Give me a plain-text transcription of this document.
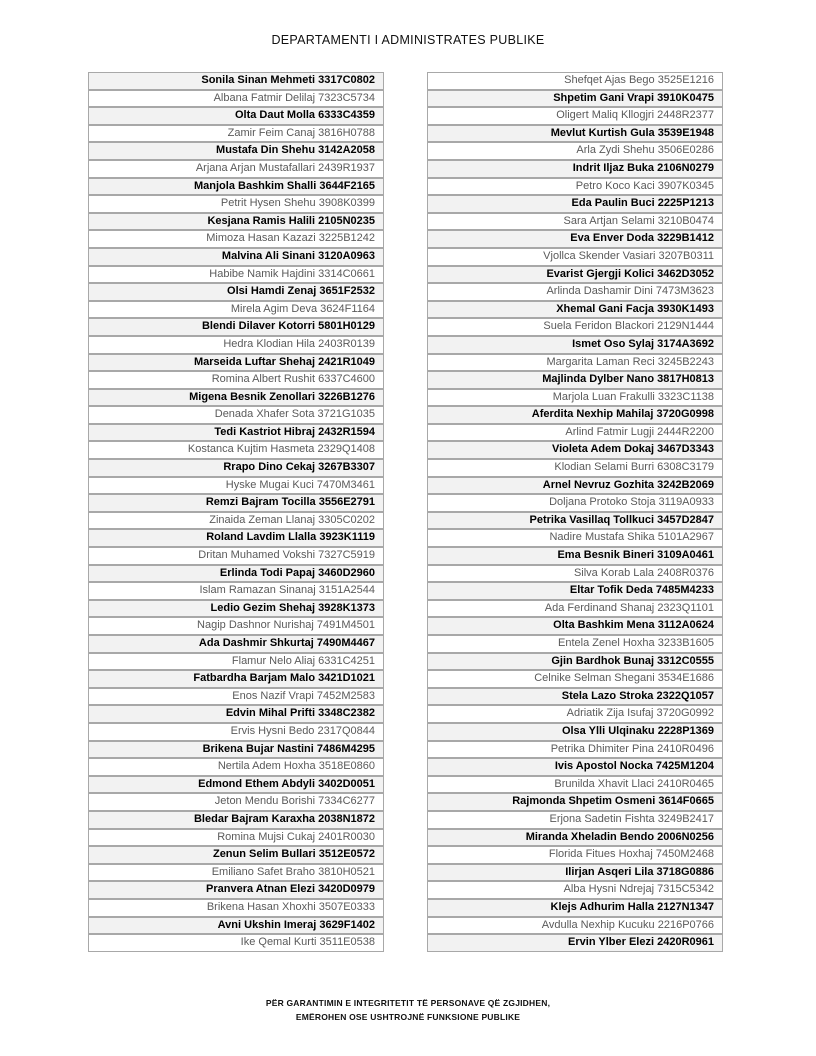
DEPARTAMENTI I ADMINISTRATES PUBLIKE
Sonila Sinan Mehmeti 3317C0802
Albana Fatmir Delilaj 7323C5734
Olta Daut Molla 6333C4359
Zamir Feim Canaj 3816H0788
Mustafa Din Shehu 3142A2058
Arjana Arjan Mustafallari 2439R1937
Manjola Bashkim Shalli 3644F2165
Petrit Hysen Shehu 3908K0399
Kesjana Ramis Halili 2105N0235
Mimoza Hasan Kazazi 3225B1242
Malvina Ali Sinani 3120A0963
Habibe Namik Hajdini 3314C0661
Olsi Hamdi Zenaj 3651F2532
Mirela Agim Deva 3624F1164
Blendi Dilaver Kotorri 5801H0129
Hedra Klodian Hila 2403R0139
Marseida Luftar Shehaj 2421R1049
Romina Albert Rushit 6337C4600
Migena Besnik Zenollari 3226B1276
Denada Xhafer Sota 3721G1035
Tedi Kastriot Hibraj 2432R1594
Kostanca Kujtim Hasmeta 2329Q1408
Rrapo Dino Cekaj 3267B3307
Hyske Mugai Kuci 7470M3461
Remzi Bajram Tocilla 3556E2791
Zinaida Zeman Llanaj 3305C0202
Roland Lavdim Llalla 3923K1119
Dritan Muhamed Vokshi 7327C5919
Erlinda Todi Papaj 3460D2960
Islam Ramazan Sinanaj 3151A2544
Ledio Gezim Shehaj 3928K1373
Nagip Dashnor Nurishaj 7491M4501
Ada Dashmir Shkurtaj 7490M4467
Flamur Nelo Aliaj 6331C4251
Fatbardha Barjam Malo 3421D1021
Enos Nazif Vrapi 7452M2583
Edvin Mihal Prifti 3348C2382
Ervis Hysni Bedo 2317Q0844
Brikena Bujar Nastini 7486M4295
Nertila Adem Hoxha 3518E0860
Edmond Ethem Abdyli 3402D0051
Jeton Mendu Borishi 7334C6277
Bledar Bajram Karaxha 2038N1872
Romina Mujsi Cukaj 2401R0030
Zenun Selim Bullari 3512E0572
Emiliano Safet Braho 3810H0521
Pranvera Atnan Elezi 3420D0979
Brikena Hasan Xhoxhi 3507E0333
Avni Ukshin Imeraj 3629F1402
Ike Qemal Kurti 3511E0538
Shefqet Ajas Bego 3525E1216
Shpetim Gani Vrapi 3910K0475
Oligert Maliq Kllogjri 2448R2377
Mevlut Kurtish Gula 3539E1948
Arla Zydi Shehu 3506E0286
Indrit Iljaz Buka 2106N0279
Petro Koco Kaci 3907K0345
Eda Paulin Buci 2225P1213
Sara Artjan Selami 3210B0474
Eva Enver Doda 3229B1412
Vjollca Skender Vasiari 3207B0311
Evarist Gjergji Kolici 3462D3052
Arlinda Dashamir Dini 7473M3623
Xhemal Gani Facja 3930K1493
Suela Feridon Blackori 2129N1444
Ismet Oso Sylaj 3174A3692
Margarita Laman Reci 3245B2243
Majlinda Dylber Nano 3817H0813
Marjola Luan Frakulli 3323C1138
Aferdita Nexhip Mahilaj 3720G0998
Arlind Fatmir Lugji 2444R2200
Violeta Adem Dokaj 3467D3343
Klodian Selami Burri 6308C3179
Arnel Nevruz Gozhita 3242B2069
Doljana Protoko Stoja 3119A0933
Petrika Vasillaq Tollkuci 3457D2847
Nadire Mustafa Shika 5101A2967
Ema Besnik Bineri 3109A0461
Silva Korab Lala 2408R0376
Eltar Tofik Deda 7485M4233
Ada Ferdinand Shanaj 2323Q1101
Olta Bashkim Mena 3112A0624
Entela Zenel Hoxha 3233B1605
Gjin Bardhok Bunaj 3312C0555
Celnike Selman Shegani 3534E1686
Stela Lazo Stroka 2322Q1057
Adriatik Zija Isufaj 3720G0992
Olsa Ylli Ulqinaku 2228P1369
Petrika Dhimiter Pina 2410R0496
Ivis Apostol Nocka 7425M1204
Brunilda Xhavit Llaci 2410R0465
Rajmonda Shpetim Osmeni 3614F0665
Erjona Sadetin Fishta 3249B2417
Miranda Xheladin Bendo 2006N0256
Florida Fitues Hoxhaj 7450M2468
Ilirjan Asqeri Lila 3718G0886
Alba Hysni Ndrejaj 7315C5342
Klejs Adhurim Halla 2127N1347
Avdulla Nexhip Kucuku 2216P0766
Ervin Ylber Elezi 2420R0961
PËR GARANTIMIN E INTEGRITETIT TË PERSONAVE QË ZGJIDHEN,
EMËROHEN OSE USHTROJNË FUNKSIONE PUBLIKE
